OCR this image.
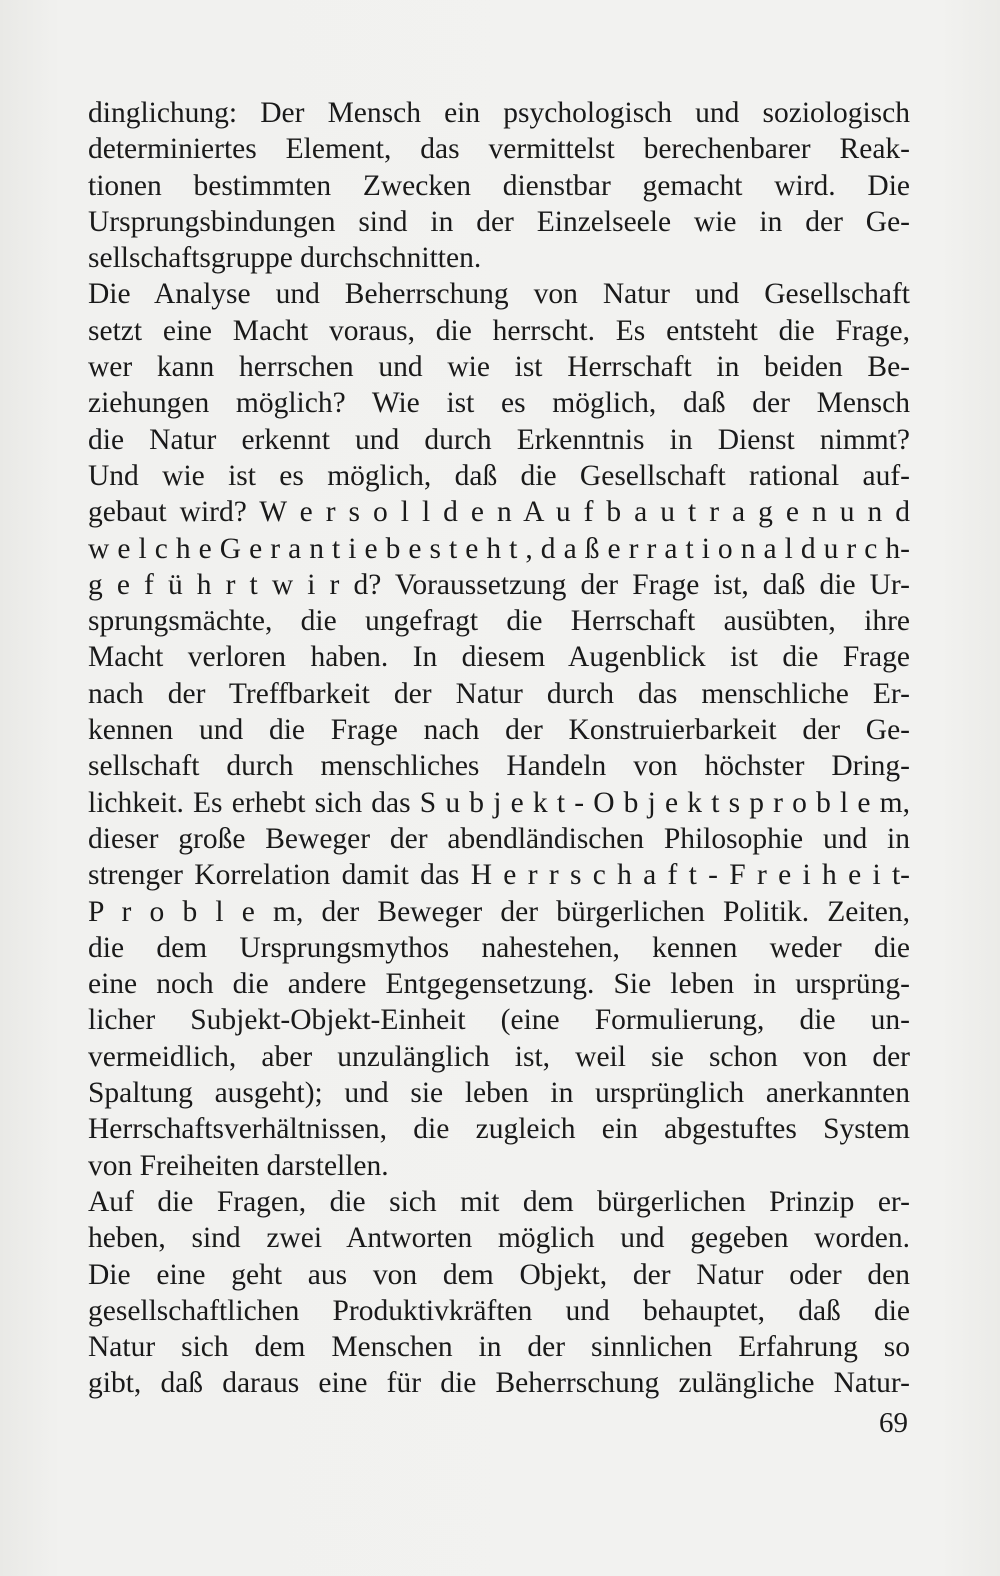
dinglichung: Der Mensch ein psychologisch und soziologisch
determiniertes Element, das vermittelst berechenbarer Reak-
tionen bestimmten Zwecken dienstbar gemacht wird. Die
Ursprungsbindungen sind in der Einzelseele wie in der Ge-
sellschaftsgruppe durchschnitten.
Die Analyse und Beherrschung von Natur und Gesellschaft
setzt eine Macht voraus, die herrscht. Es entsteht die Frage,
wer kann herrschen und wie ist Herrschaft in beiden Be-
ziehungen möglich? Wie ist es möglich, daß der Mensch
die Natur erkennt und durch Erkenntnis in Dienst nimmt?
Und wie ist es möglich, daß die Gesellschaft rational auf-
gebaut wird? W e r s o l l d e n A u f b a u t r a g e n u n d
w e l c h e G e r a n t i e b e s t e h t , d a ß e r r a t i o n a l d u r c h-
g e f ü h r t w i r d? Voraussetzung der Frage ist, daß die Ur-
sprungsmächte, die ungefragt die Herrschaft ausübten, ihre
Macht verloren haben. In diesem Augenblick ist die Frage
nach der Treffbarkeit der Natur durch das menschliche Er-
kennen und die Frage nach der Konstruierbarkeit der Ge-
sellschaft durch menschliches Handeln von höchster Dring-
lichkeit. Es erhebt sich das S u b j e k t - O b j e k t s p r o b l e m,
dieser große Beweger der abendländischen Philosophie und in
strenger Korrelation damit das H e r r s c h a f t - F r e i h e i t-
P r o b l e m, der Beweger der bürgerlichen Politik. Zeiten,
die dem Ursprungsmythos nahestehen, kennen weder die
eine noch die andere Entgegensetzung. Sie leben in ursprüng-
licher Subjekt-Objekt-Einheit (eine Formulierung, die un-
vermeidlich, aber unzulänglich ist, weil sie schon von der
Spaltung ausgeht); und sie leben in ursprünglich anerkannten
Herrschaftsverhältnissen, die zugleich ein abgestuftes System
von Freiheiten darstellen.
Auf die Fragen, die sich mit dem bürgerlichen Prinzip er-
heben, sind zwei Antworten möglich und gegeben worden.
Die eine geht aus von dem Objekt, der Natur oder den
gesellschaftlichen Produktivkräften und behauptet, daß die
Natur sich dem Menschen in der sinnlichen Erfahrung so
gibt, daß daraus eine für die Beherrschung zulängliche Natur-
69
